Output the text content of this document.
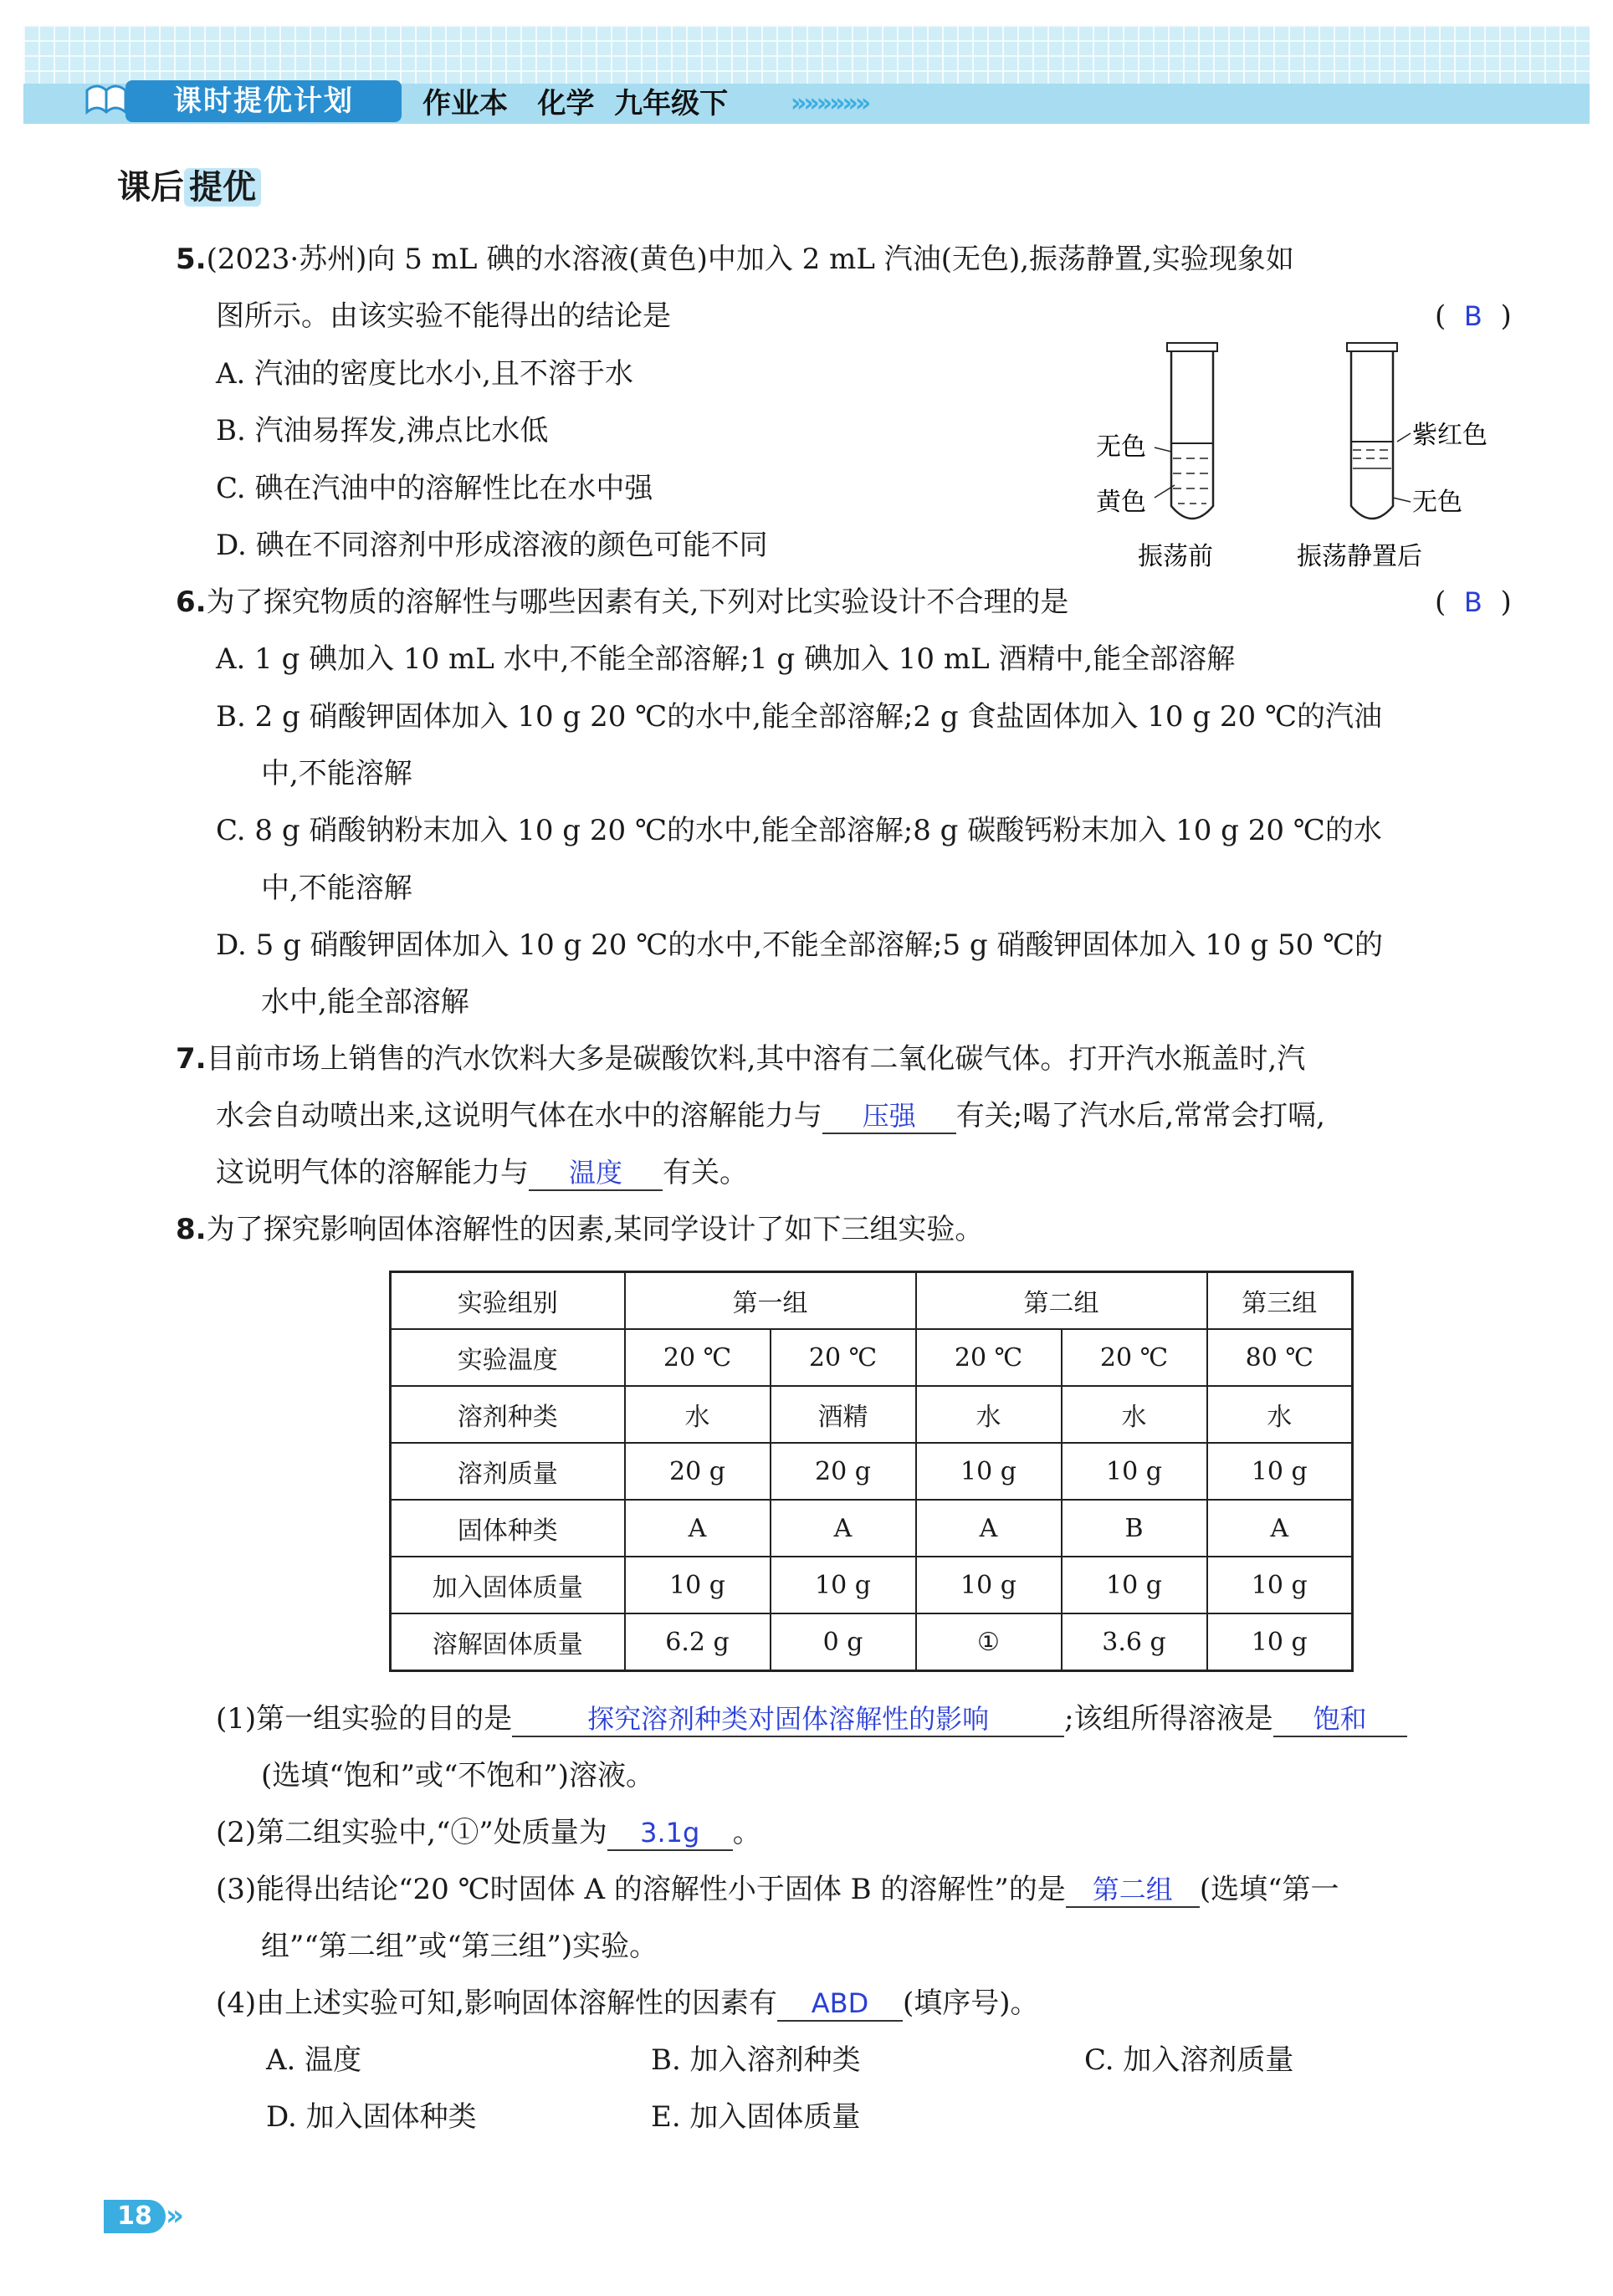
课时提优计划	作业本   化学  九年级下 »»»»»»
课后 提优
5.(2023·苏州)向 5 mL 碘的水溶液(黄色)中加入 2 mL 汽油(无色),振荡静置,实验现象如
图所示。由该实验不能得出的结论是	(  B  )
A. 汽油的密度比水小,且不溶于水
B. 汽油易挥发,沸点比水低
C. 碘在汽油中的溶解性比在水中强
D. 碘在不同溶剂中形成溶液的颜色可能不同
无色
黄色
振荡前
紫红色
无色
振荡静置后
6.为了探究物质的溶解性与哪些因素有关,下列对比实验设计不合理的是	(  B  )
A. 1 g 碘加入 10 mL 水中,不能全部溶解;1 g 碘加入 10 mL 酒精中,能全部溶解
B. 2 g 硝酸钾固体加入 10 g 20 ℃的水中,能全部溶解;2 g 食盐固体加入 10 g 20 ℃的汽油
中,不能溶解
C. 8 g 硝酸钠粉末加入 10 g 20 ℃的水中,能全部溶解;8 g 碳酸钙粉末加入 10 g 20 ℃的水
中,不能溶解
D. 5 g 硝酸钾固体加入 10 g 20 ℃的水中,不能全部溶解;5 g 硝酸钾固体加入 10 g 50 ℃的
水中,能全部溶解
7.目前市场上销售的汽水饮料大多是碳酸饮料,其中溶有二氧化碳气体。打开汽水瓶盖时,汽
水会自动喷出来,这说明气体在水中的溶解能力与 压强 有关;喝了汽水后,常常会打嗝,
这说明气体的溶解能力与 温度 有关。
8.为了探究影响固体溶解性的因素,某同学设计了如下三组实验。
实验组别	第一组		第二组		第三组
实验温度	20 ℃	20 ℃	20 ℃	20 ℃	80 ℃
溶剂种类	水	酒精	水	水	水
溶剂质量	20 g	20 g	10 g	10 g	10 g
固体种类	A	A	A	B	A
加入固体质量	10 g	10 g	10 g	10 g	10 g
溶解固体质量	6.2 g	0 g	①	3.6 g	10 g
(1)第一组实验的目的是	探究溶剂种类对固体溶解性的影响	;该组所得溶液是 饱和
(选填“饱和”或“不饱和”)溶液。
(2)第二组实验中,“①”处质量为 3.1g 。
(3)能得出结论“20 ℃时固体 A 的溶解性小于固体 B 的溶解性”的是 第二组 (选填“第一
组”“第二组”或“第三组”)实验。
(4)由上述实验可知,影响固体溶解性的因素有 ABD (填序号)。
A. 温度	B. 加入溶剂种类	C. 加入溶剂质量
D. 加入固体种类	E. 加入固体质量
18 »
